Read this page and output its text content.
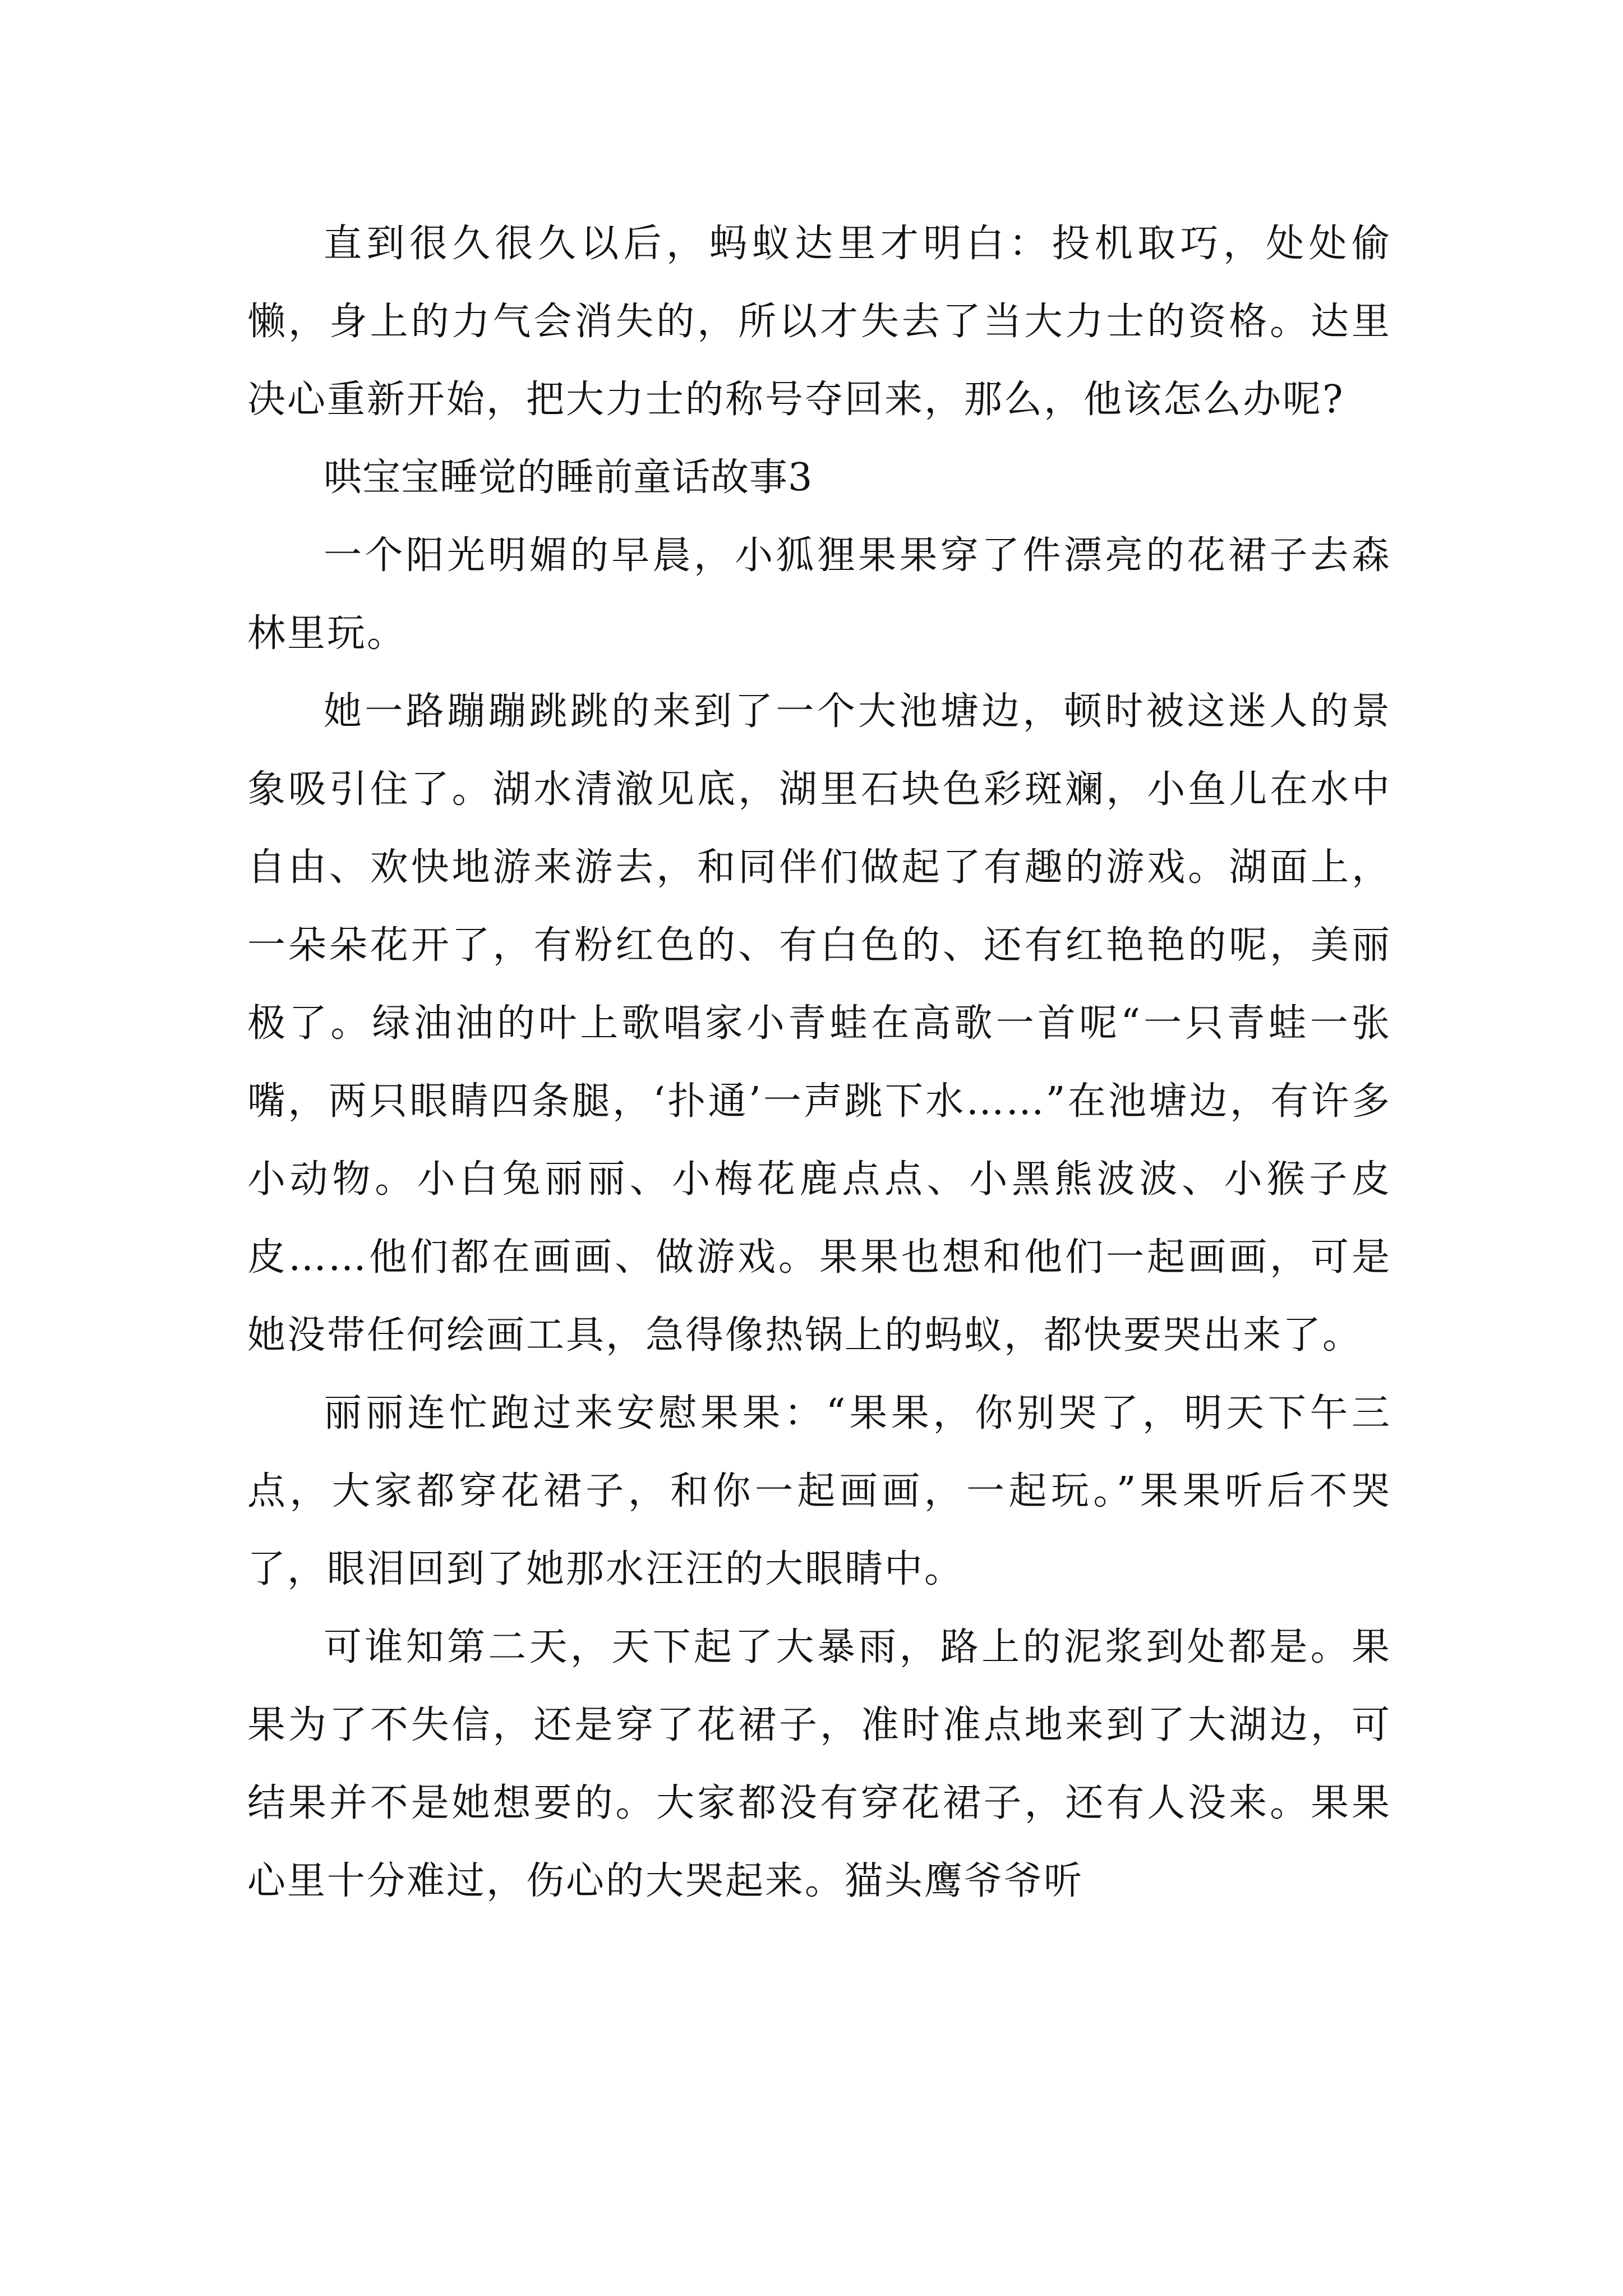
直到很久很久以后，蚂蚁达里才明白：投机取巧，处处偷懒，身上的力气会消失的，所以才失去了当大力士的资格。达里决心重新开始，把大力士的称号夺回来，那么，他该怎么办呢?

哄宝宝睡觉的睡前童话故事3

一个阳光明媚的早晨，小狐狸果果穿了件漂亮的花裙子去森林里玩。

她一路蹦蹦跳跳的来到了一个大池塘边，顿时被这迷人的景象吸引住了。湖水清澈见底，湖里石块色彩斑斓，小鱼儿在水中自由、欢快地游来游去，和同伴们做起了有趣的游戏。湖面上，一朵朵花开了，有粉红色的、有白色的、还有红艳艳的呢，美丽极了。绿油油的叶上歌唱家小青蛙在高歌一首呢“一只青蛙一张嘴，两只眼睛四条腿，‘扑通’一声跳下水……”在池塘边，有许多小动物。小白兔丽丽、小梅花鹿点点、小黑熊波波、小猴子皮皮……他们都在画画、做游戏。果果也想和他们一起画画，可是她没带任何绘画工具，急得像热锅上的蚂蚁，都快要哭出来了。

丽丽连忙跑过来安慰果果：“果果，你别哭了，明天下午三点，大家都穿花裙子，和你一起画画，一起玩。”果果听后不哭了，眼泪回到了她那水汪汪的大眼睛中。

可谁知第二天，天下起了大暴雨，路上的泥浆到处都是。果果为了不失信，还是穿了花裙子，准时准点地来到了大湖边，可结果并不是她想要的。大家都没有穿花裙子，还有人没来。果果心里十分难过，伤心的大哭起来。猫头鹰爷爷听
